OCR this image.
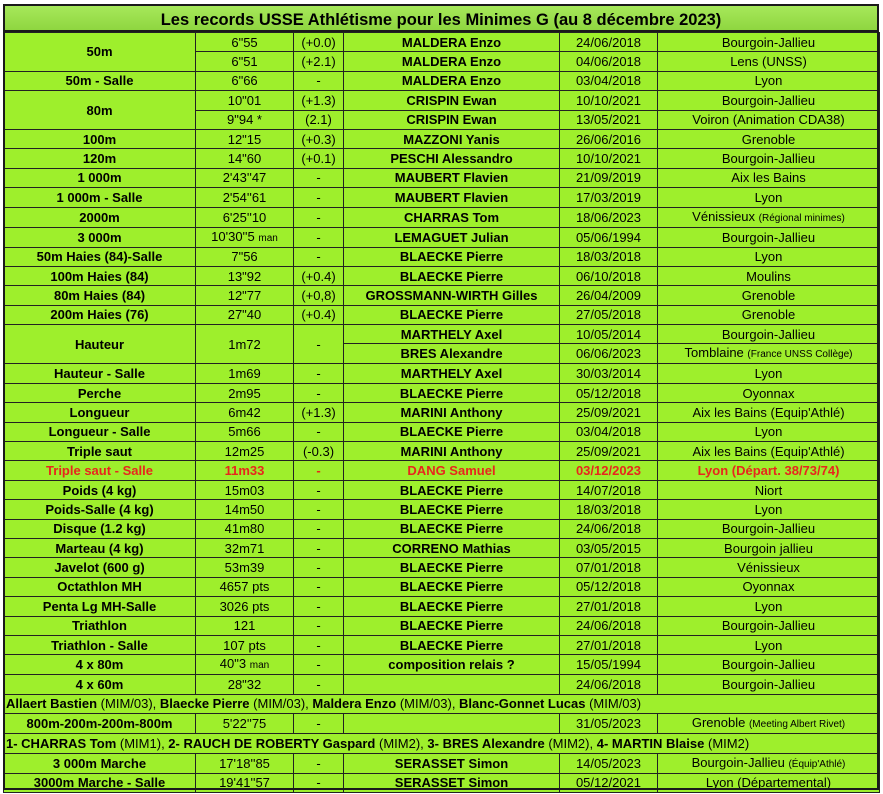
Les records USSE Athlétisme pour les Minimes G (au 8 décembre 2023)
50m	6"55	(+0.0)	MALDERA Enzo	24/06/2018	Bourgoin-Jallieu
	6"51	(+2.1)	MALDERA Enzo	04/06/2018	Lens (UNSS)
50m - Salle	6"66	-	MALDERA Enzo	03/04/2018	Lyon
80m	10"01	(+1.3)	CRISPIN Ewan	10/10/2021	Bourgoin-Jallieu
	9"94 *	(2.1)	CRISPIN Ewan	13/05/2021	Voiron (Animation CDA38)
100m	12"15	(+0.3)	MAZZONI Yanis	26/06/2016	Grenoble
120m	14"60	(+0.1)	PESCHI Alessandro	10/10/2021	Bourgoin-Jallieu
1 000m	2'43''47	-	MAUBERT Flavien	21/09/2019	Aix les Bains
1 000m - Salle	2'54''61	-	MAUBERT Flavien	17/03/2019	Lyon
2000m	6'25''10	-	CHARRAS Tom	18/06/2023	Vénissieux (Régional minimes)
3 000m	10'30''5 man	-	LEMAGUET Julian	05/06/1994	Bourgoin-Jallieu
50m Haies (84)-Salle	7"56	-	BLAECKE Pierre	18/03/2018	Lyon
100m Haies (84)	13"92	(+0.4)	BLAECKE Pierre	06/10/2018	Moulins
80m Haies (84)	12"77	(+0,8)	GROSSMANN-WIRTH Gilles	26/04/2009	Grenoble
200m Haies (76)	27"40	(+0.4)	BLAECKE Pierre	27/05/2018	Grenoble
Hauteur	1m72	-	MARTHELY Axel	10/05/2014	Bourgoin-Jallieu
			BRES Alexandre	06/06/2023	Tomblaine (France UNSS Collège)
Hauteur - Salle	1m69	-	MARTHELY Axel	30/03/2014	Lyon
Perche	2m95	-	BLAECKE Pierre	05/12/2018	Oyonnax
Longueur	6m42	(+1.3)	MARINI Anthony	25/09/2021	Aix les Bains (Equip'Athlé)
Longueur - Salle	5m66	-	BLAECKE Pierre	03/04/2018	Lyon
Triple saut	12m25	(-0.3)	MARINI Anthony	25/09/2021	Aix les Bains (Equip'Athlé)
Triple saut - Salle	11m33	-	DANG Samuel	03/12/2023	Lyon (Départ. 38/73/74)
Poids (4 kg)	15m03	-	BLAECKE Pierre	14/07/2018	Niort
Poids-Salle (4 kg)	14m50	-	BLAECKE Pierre	18/03/2018	Lyon
Disque (1.2 kg)	41m80	-	BLAECKE Pierre	24/06/2018	Bourgoin-Jallieu
Marteau (4 kg)	32m71	-	CORRENO Mathias	03/05/2015	Bourgoin jallieu
Javelot (600 g)	53m39	-	BLAECKE Pierre	07/01/2018	Vénissieux
Octathlon MH	4657 pts	-	BLAECKE Pierre	05/12/2018	Oyonnax
Penta Lg MH-Salle	3026 pts	-	BLAECKE Pierre	27/01/2018	Lyon
Triathlon	121	-	BLAECKE Pierre	24/06/2018	Bourgoin-Jallieu
Triathlon - Salle	107 pts	-	BLAECKE Pierre	27/01/2018	Lyon
4 x 80m	40"3 man	-	composition relais ?	15/05/1994	Bourgoin-Jallieu
4 x 60m	28"32	-		24/06/2018	Bourgoin-Jallieu
Allaert Bastien (MIM/03), Blaecke Pierre (MIM/03), Maldera Enzo (MIM/03), Blanc-Gonnet Lucas (MIM/03)					
800m-200m-200m-800m	5'22''75	-		31/05/2023	Grenoble (Meeting Albert Rivet)
1- CHARRAS Tom (MIM1), 2- RAUCH DE ROBERTY Gaspard (MIM2), 3- BRES Alexandre (MIM2), 4- MARTIN Blaise (MIM2)					
3 000m Marche	17'18''85	-	SERASSET Simon	14/05/2023	Bourgoin-Jallieu (Équip'Athlé)
3000m Marche - Salle	19'41''57	-	SERASSET Simon	05/12/2021	Lyon (Départemental)
